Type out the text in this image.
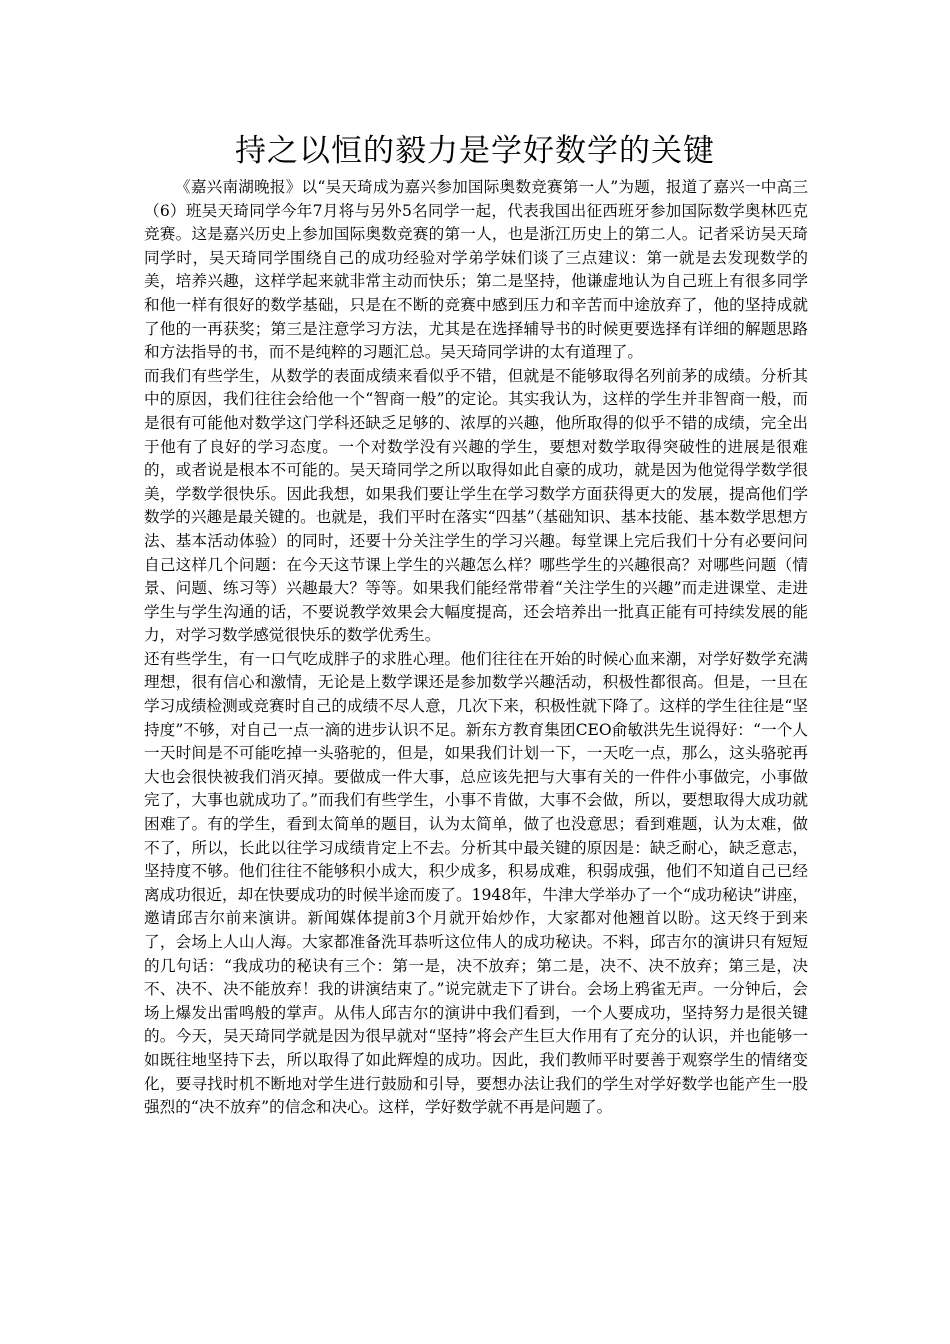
持之以恒的毅力是学好数学的关键

《嘉兴南湖晚报》以“吴天琦成为嘉兴参加国际奥数竞赛第一人”为题，报道了嘉兴一中高三（6）班吴天琦同学今年7月将与另外5名同学一起，代表我国出征西班牙参加国际数学奥林匹克竞赛。这是嘉兴历史上参加国际奥数竞赛的第一人，也是浙江历史上的第二人。记者采访吴天琦同学时，吴天琦同学围绕自己的成功经验对学弟学妹们谈了三点建议：第一就是去发现数学的美，培养兴趣，这样学起来就非常主动而快乐；第二是坚持，他谦虚地认为自己班上有很多同学和他一样有很好的数学基础，只是在不断的竞赛中感到压力和辛苦而中途放弃了，他的坚持成就了他的一再获奖；第三是注意学习方法，尤其是在选择辅导书的时候更要选择有详细的解题思路和方法指导的书，而不是纯粹的习题汇总。吴天琦同学讲的太有道理了。

而我们有些学生，从数学的表面成绩来看似乎不错，但就是不能够取得名列前茅的成绩。分析其中的原因，我们往往会给他一个“智商一般”的定论。其实我认为，这样的学生并非智商一般，而是很有可能他对数学这门学科还缺乏足够的、浓厚的兴趣，他所取得的似乎不错的成绩，完全出于他有了良好的学习态度。一个对数学没有兴趣的学生，要想对数学取得突破性的进展是很难的，或者说是根本不可能的。吴天琦同学之所以取得如此自豪的成功，就是因为他觉得学数学很美，学数学很快乐。因此我想，如果我们要让学生在学习数学方面获得更大的发展，提高他们学数学的兴趣是最关键的。也就是，我们平时在落实“四基”（基础知识、基本技能、基本数学思想方法、基本活动体验）的同时，还要十分关注学生的学习兴趣。每堂课上完后我们十分有必要问问自己这样几个问题：在今天这节课上学生的兴趣怎么样？哪些学生的兴趣很高？对哪些问题（情景、问题、练习等）兴趣最大？等等。如果我们能经常带着“关注学生的兴趣”而走进课堂、走进学生与学生沟通的话，不要说教学效果会大幅度提高，还会培养出一批真正能有可持续发展的能力，对学习数学感觉很快乐的数学优秀生。

还有些学生，有一口气吃成胖子的求胜心理。他们往往在开始的时候心血来潮，对学好数学充满理想，很有信心和激情，无论是上数学课还是参加数学兴趣活动，积极性都很高。但是，一旦在学习成绩检测或竞赛时自己的成绩不尽人意，几次下来，积极性就下降了。这样的学生往往是“坚持度”不够，对自己一点一滴的进步认识不足。新东方教育集团CEO俞敏洪先生说得好：“一个人一天时间是不可能吃掉一头骆驼的，但是，如果我们计划一下，一天吃一点，那么，这头骆驼再大也会很快被我们消灭掉。要做成一件大事，总应该先把与大事有关的一件件小事做完，小事做完了，大事也就成功了。”而我们有些学生，小事不肯做，大事不会做，所以，要想取得大成功就困难了。有的学生，看到太简单的题目，认为太简单，做了也没意思；看到难题，认为太难，做不了，所以，长此以往学习成绩肯定上不去。分析其中最关键的原因是：缺乏耐心，缺乏意志，坚持度不够。他们往往不能够积小成大，积少成多，积易成难，积弱成强，他们不知道自己已经离成功很近，却在快要成功的时候半途而废了。1948年，牛津大学举办了一个“成功秘诀”讲座，邀请邱吉尔前来演讲。新闻媒体提前3个月就开始炒作，大家都对他翘首以盼。这天终于到来了，会场上人山人海。大家都准备洗耳恭听这位伟人的成功秘诀。不料，邱吉尔的演讲只有短短的几句话：“我成功的秘诀有三个：第一是，决不放弃；第二是，决不、决不放弃；第三是，决不、决不、决不能放弃！我的讲演结束了。”说完就走下了讲台。会场上鸦雀无声。一分钟后，会场上爆发出雷鸣般的掌声。从伟人邱吉尔的演讲中我们看到，一个人要成功，坚持努力是很关键的。今天，吴天琦同学就是因为很早就对“坚持”将会产生巨大作用有了充分的认识，并也能够一如既往地坚持下去，所以取得了如此辉煌的成功。因此，我们教师平时要善于观察学生的情绪变化，要寻找时机不断地对学生进行鼓励和引导，要想办法让我们的学生对学好数学也能产生一股强烈的“决不放弃”的信念和决心。这样，学好数学就不再是问题了。
